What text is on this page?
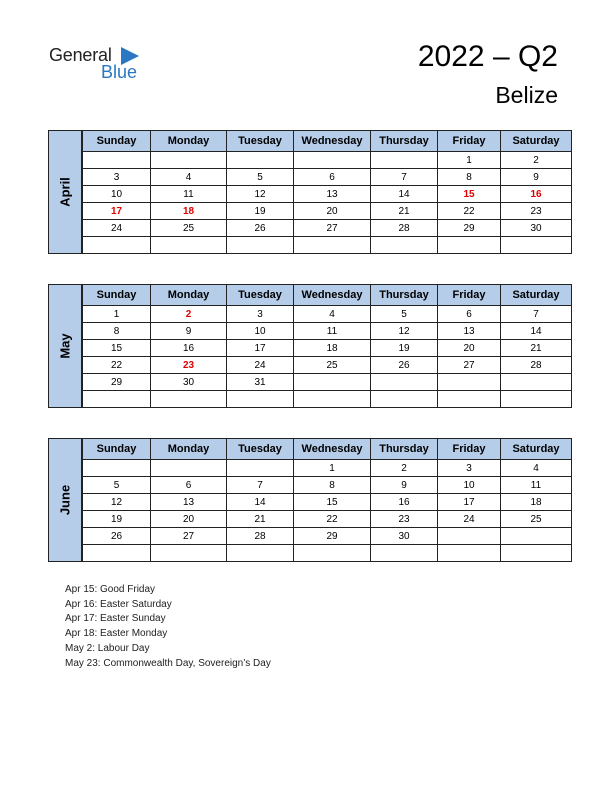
General
Blue	2022 – Q2
Belize
April
Sunday	Monday	Tuesday	Wednesday	Thursday	Friday	Saturday
					1	2
3	4	5	6	7	8	9
10	11	12	13	14	15	16
17	18	19	20	21	22	23
24	25	26	27	28	29	30

May
Sunday	Monday	Tuesday	Wednesday	Thursday	Friday	Saturday
1	2	3	4	5	6	7
8	9	10	11	12	13	14
15	16	17	18	19	20	21
22	23	24	25	26	27	28
29	30	31				

June
Sunday	Monday	Tuesday	Wednesday	Thursday	Friday	Saturday
			1	2	3	4
5	6	7	8	9	10	11
12	13	14	15	16	17	18
19	20	21	22	23	24	25
26	27	28	29	30		

Apr 15: Good Friday
Apr 16: Easter Saturday
Apr 17: Easter Sunday
Apr 18: Easter Monday
May 2: Labour Day
May 23: Commonwealth Day, Sovereign’s Day
